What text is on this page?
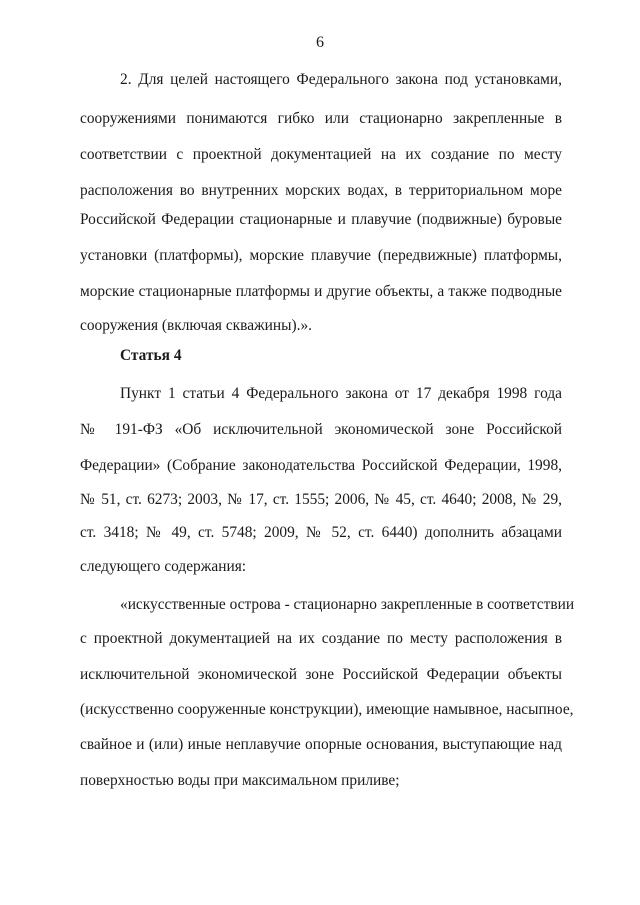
6
2. Для целей настоящего Федерального закона под установками,
сооружениями понимаются гибко или стационарно закрепленные в
соответствии с проектной документацией на их создание по месту
расположения во внутренних морских водах, в территориальном море
Российской Федерации стационарные и плавучие (подвижные) буровые
установки (платформы), морские плавучие (передвижные) платформы,
морские стационарные платформы и другие объекты, а также подводные
сооружения (включая скважины).».
Статья 4
Пункт 1 статьи 4 Федерального закона от 17 декабря 1998 года
№ 191-ФЗ «Об исключительной экономической зоне Российской
Федерации» (Собрание законодательства Российской Федерации, 1998,
№ 51, ст. 6273; 2003, № 17, ст. 1555; 2006, № 45, ст. 4640; 2008, № 29,
ст. 3418; № 49, ст. 5748; 2009, № 52, ст. 6440) дополнить абзацами
следующего содержания:
«искусственные острова - стационарно закрепленные в соответствии
с проектной документацией на их создание по месту расположения в
исключительной экономической зоне Российской Федерации объекты
(искусственно сооруженные конструкции), имеющие намывное, насыпное,
свайное и (или) иные неплавучие опорные основания, выступающие над
поверхностью воды при максимальном приливе;
